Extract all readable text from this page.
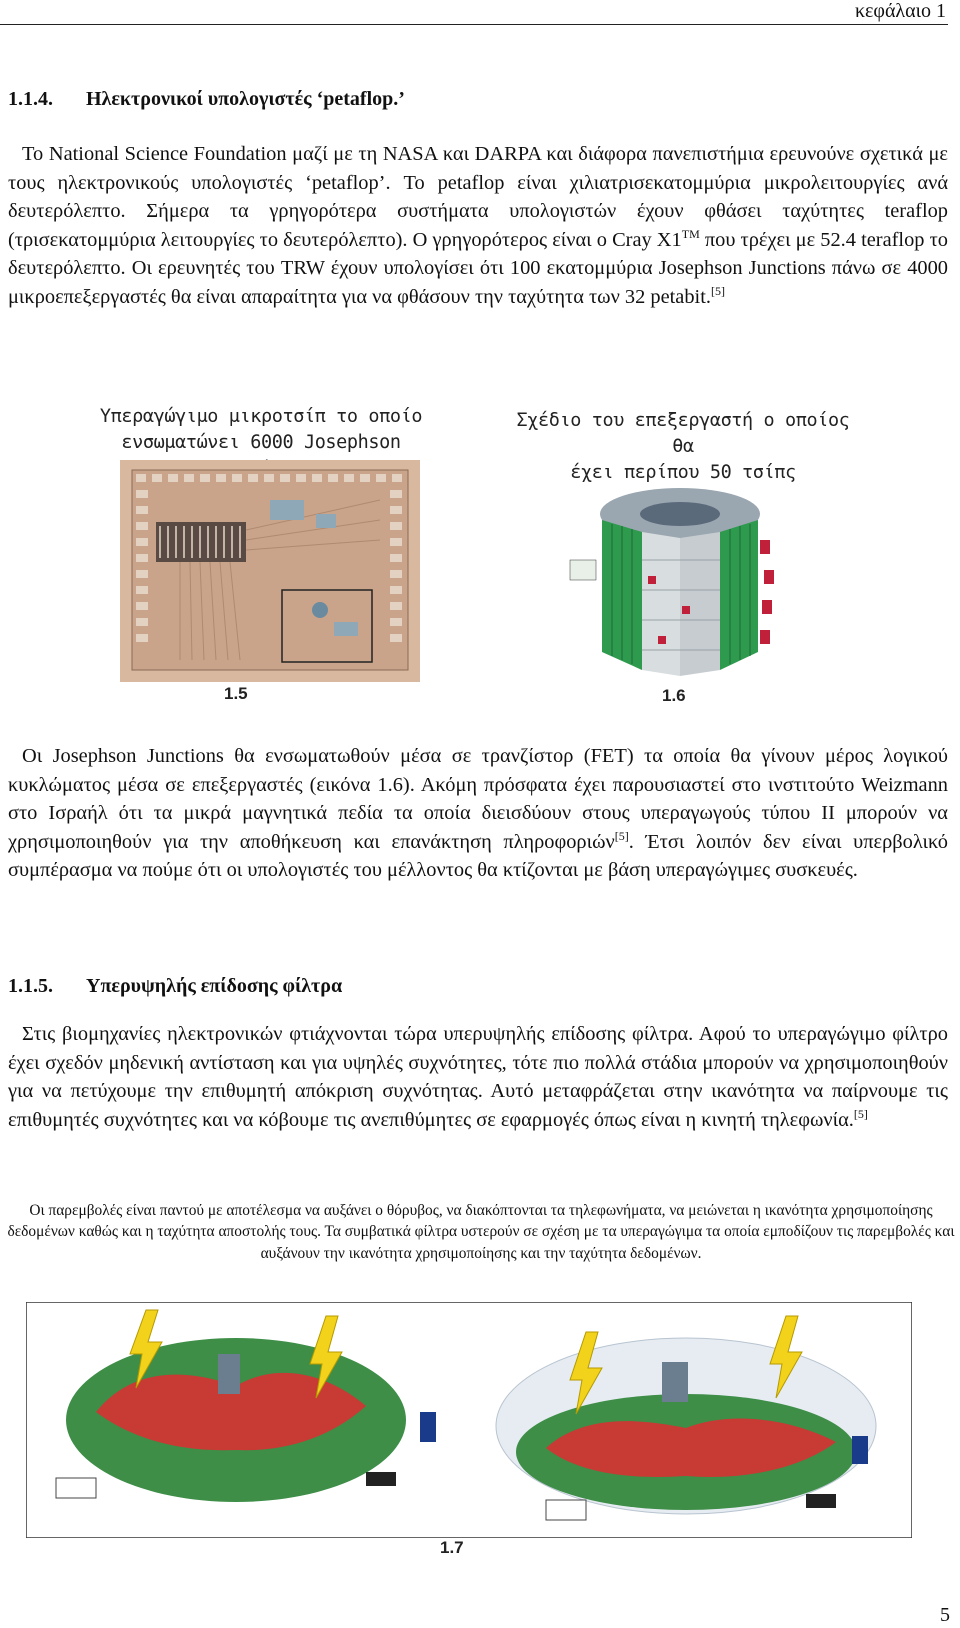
κεφάλαιο 1
1.1.4. Ηλεκτρονικοί υπολογιστές ‘petaflop.’

Το National Science Foundation μαζί με τη NASA και DARPA και διάφορα πανεπιστήμια ερευνούνε σχετικά με τους ηλεκτρονικούς υπολογιστές ‘petaflop’. Το petaflop είναι χιλιατρισεκατομμύρια μικρολειτουργίες ανά δευτερόλεπτο. Σήμερα τα γρηγορότερα συστήματα υπολογιστών έχουν φθάσει ταχύτητες teraflop (τρισεκατομμύρια λειτουργίες το δευτερόλεπτο). Ο γρηγορότερος είναι ο Cray X1™ που τρέχει με 52.4 teraflop το δευτερόλεπτο. Οι ερευνητές του TRW έχουν υπολογίσει ότι 100 εκατομμύρια Josephson Junctions πάνω σε 4000 μικροεπεξεργαστές θα είναι απαραίτητα για να φθάσουν την ταχύτητα των 32 petabit.[5]

Υπεραγώγιμο μικροτσίπ το οποίο
ενσωματώνει 6000 Josephson
1.5
Σχέδιο του επεξεργαστή ο οποίος θα
έχει περίπου 50 τσίπς
1.6

Οι Josephson Junctions θα ενσωματωθούν μέσα σε τρανζίστορ (FET) τα οποία θα γίνουν μέρος λογικού κυκλώματος μέσα σε επεξεργαστές (εικόνα 1.6). Ακόμη πρόσφατα έχει παρουσιαστεί στο ινστιτούτο Weizmann στο Ισραήλ ότι τα μικρά μαγνητικά πεδία τα οποία διεισδύουν στους υπεραγωγούς τύπου II μπορούν να χρησιμοποιηθούν για την αποθήκευση και επανάκτηση πληροφοριών[5]. Έτσι λοιπόν δεν είναι υπερβολικό συμπέρασμα να πούμε ότι οι υπολογιστές του μέλλοντος θα κτίζονται με βάση υπεραγώγιμες συσκευές.

1.1.5. Υπερυψηλής επίδοσης φίλτρα

Στις βιομηχανίες ηλεκτρονικών φτιάχνονται τώρα υπερυψηλής επίδοσης φίλτρα. Αφού το υπεραγώγιμο φίλτρο έχει σχεδόν μηδενική αντίσταση και για υψηλές συχνότητες, τότε πιο πολλά στάδια μπορούν να χρησιμοποιηθούν για να πετύχουμε την επιθυμητή απόκριση συχνότητας. Αυτό μεταφράζεται στην ικανότητα να παίρνουμε τις επιθυμητές συχνότητες και να κόβουμε τις ανεπιθύμητες σε εφαρμογές όπως είναι η κινητή τηλεφωνία.[5]

Οι παρεμβολές είναι παντού με αποτέλεσμα να αυξάνει ο θόρυβος, να διακόπτονται τα τηλεφωνήματα, να μειώνεται η ικανότητα χρησιμοποίησης δεδομένων καθώς και η ταχύτητα αποστολής τους. Τα συμβατικά φίλτρα υστερούν σε σχέση με τα υπεραγώγιμα τα οποία εμποδίζουν τις παρεμβολές και αυξάνουν την ικανότητα χρησιμοποίησης και την ταχύτητα δεδομένων.
1.7
5
